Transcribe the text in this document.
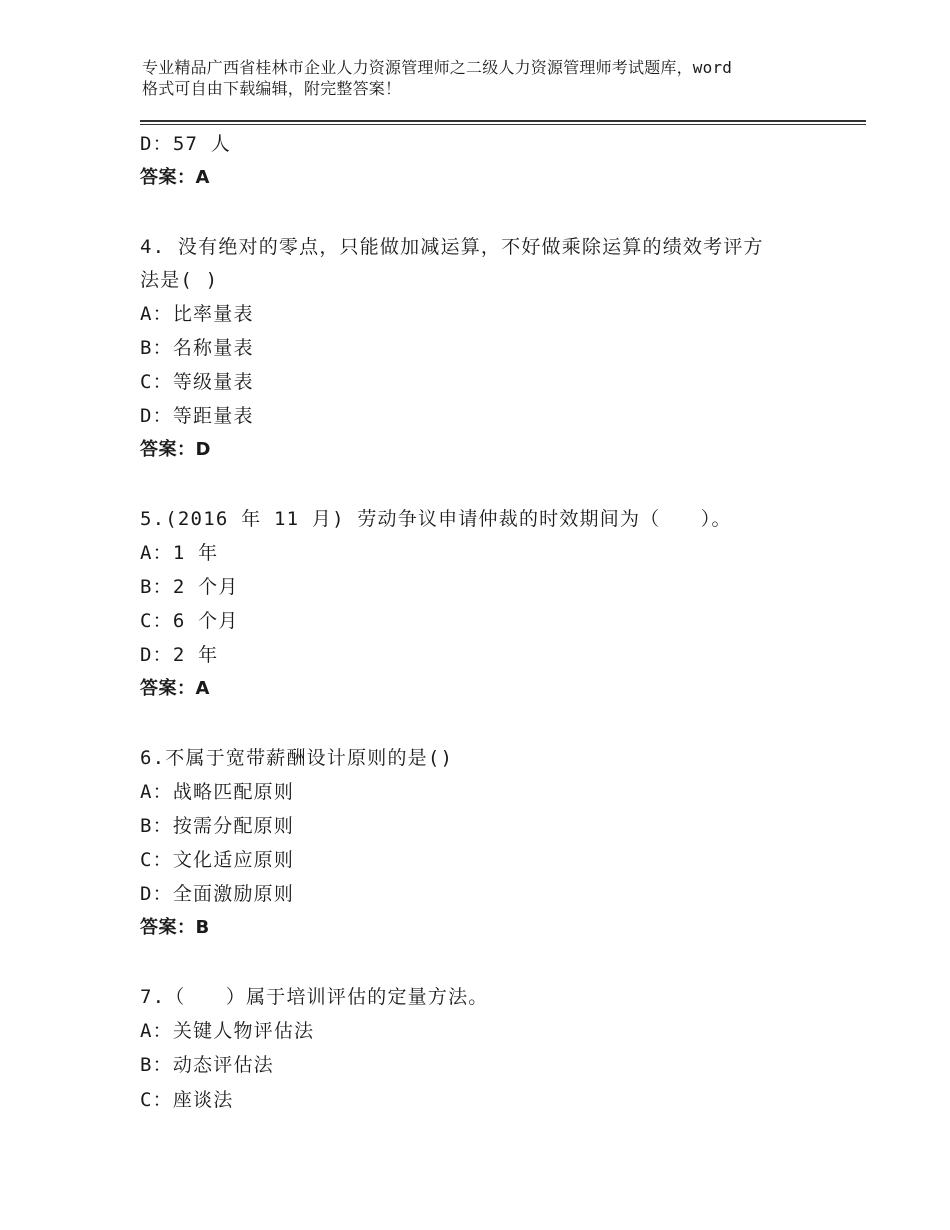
专业精品广西省桂林市企业人力资源管理师之二级人力资源管理师考试题库，word
格式可自由下载编辑，附完整答案！
D：57 人
答案：A
4. 没有绝对的零点，只能做加减运算，不好做乘除运算的绩效考评方
法是( )
A：比率量表
B：名称量表
C：等级量表
D：等距量表
答案：D
5.(2016 年 11 月) 劳动争议申请仲裁的时效期间为（　　）。
A：1 年
B：2 个月
C：6 个月
D：2 年
答案：A
6.不属于宽带薪酬设计原则的是()
A：战略匹配原则
B：按需分配原则
C：文化适应原则
D：全面激励原则
答案：B
7.（　　）属于培训评估的定量方法。
A：关键人物评估法
B：动态评估法
C：座谈法
